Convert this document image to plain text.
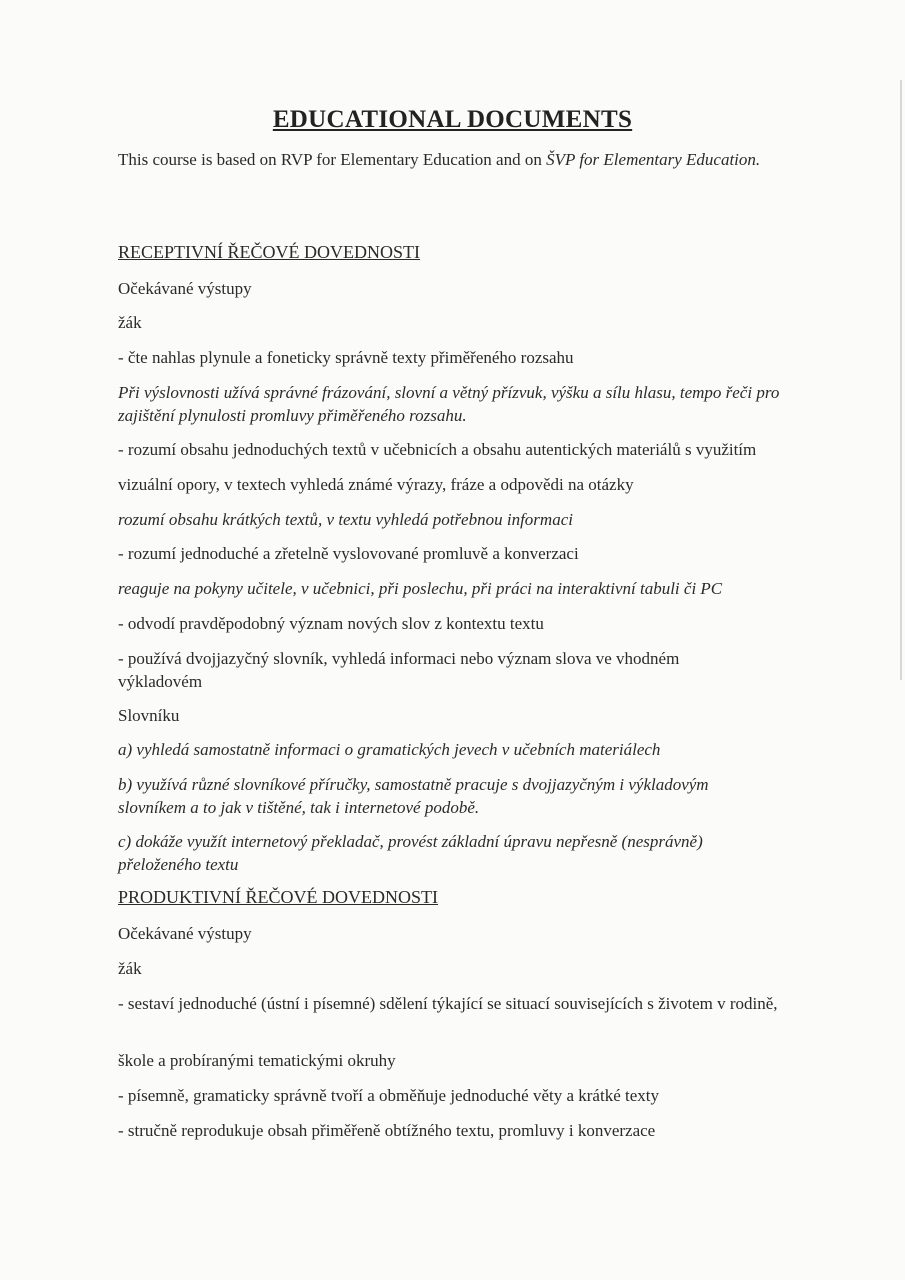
EDUCATIONAL DOCUMENTS
This course is based on RVP for Elementary Education and on ŠVP for Elementary Education.
RECEPTIVNÍ ŘEČOVÉ DOVEDNOSTI
Očekávané výstupy
žák
- čte nahlas plynule a foneticky správně texty přiměřeného rozsahu
Při výslovnosti užívá správné frázování, slovní a větný přízvuk, výšku a sílu hlasu, tempo řeči pro zajištění plynulosti promluvy přiměřeného rozsahu.
- rozumí obsahu jednoduchých textů v učebnicích a obsahu autentických materiálů s využitím
vizuální opory, v textech vyhledá známé výrazy, fráze a odpovědi na otázky
rozumí obsahu krátkých textů, v textu vyhledá potřebnou informaci
- rozumí jednoduché a zřetelně vyslovované promluvě a konverzaci
reaguje na pokyny učitele, v učebnici, při poslechu, při práci na interaktivní tabuli či PC
- odvodí pravděpodobný význam nových slov z kontextu textu
- používá dvojjazyčný slovník, vyhledá informaci nebo význam slova ve vhodném výkladovém
Slovníku
a) vyhledá samostatně informaci o gramatických jevech v učebních materiálech
b) využívá různé slovníkové příručky, samostatně pracuje s dvojjazyčným i výkladovým slovníkem a to jak v tištěné, tak i internetové podobě.
c) dokáže využít internetový překladač, provést základní úpravu nepřesně (nesprávně) přeloženého textu
PRODUKTIVNÍ ŘEČOVÉ DOVEDNOSTI
Očekávané výstupy
žák
- sestaví jednoduché (ústní i písemné) sdělení týkající se situací souvisejících s životem v rodině,
škole a probíranými tematickými okruhy
- písemně, gramaticky správně tvoří a obměňuje jednoduché věty a krátké texty
- stručně reprodukuje obsah přiměřeně obtížného textu, promluvy i konverzace
